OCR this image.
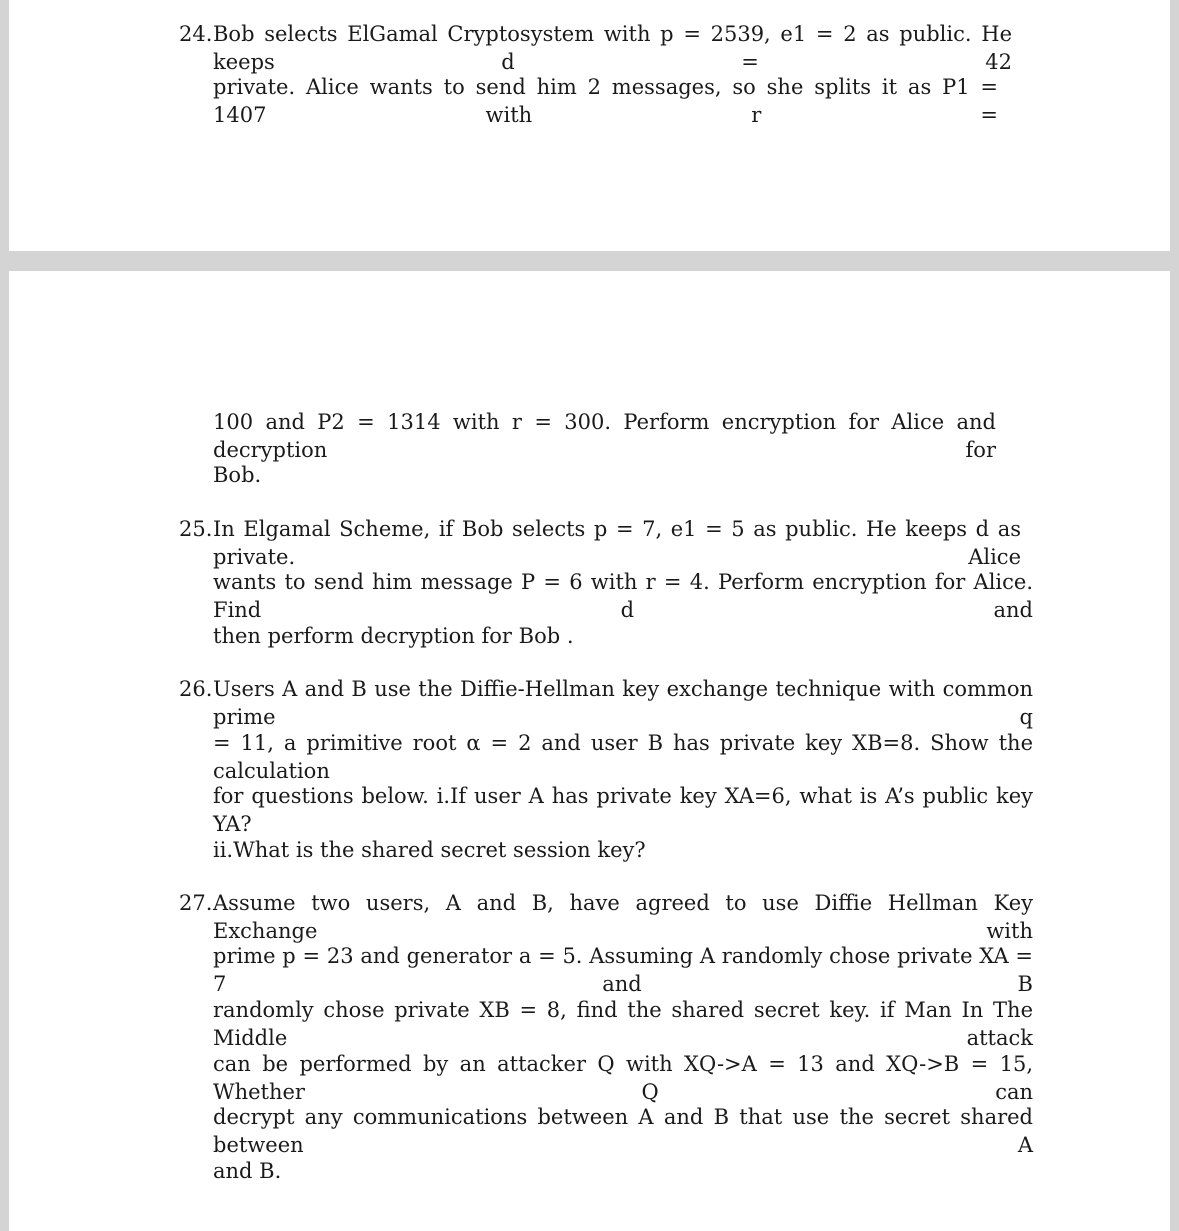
24. Bob selects ElGamal Cryptosystem with p = 2539, e1 = 2 as public. He keeps d = 42
private. Alice wants to send him 2 messages, so she splits it as P1 = 1407 with r =
100 and P2 = 1314 with r = 300. Perform encryption for Alice and decryption for
Bob.
25. In Elgamal Scheme, if Bob selects p = 7, e1 = 5 as public. He keeps d as private. Alice
wants to send him message P = 6 with r = 4. Perform encryption for Alice. Find d and
then perform decryption for Bob .
26. Users A and B use the Diffie-Hellman key exchange technique with common prime q
= 11, a primitive root α = 2 and user B has private key XB=8. Show the calculation
for questions below. i.If user A has private key XA=6, what is A’s public key YA?
ii.What is the shared secret session key?
27. Assume two users, A and B, have agreed to use Diffie Hellman Key Exchange with
prime p = 23 and generator a = 5. Assuming A randomly chose private XA = 7 and B
randomly chose private XB = 8, find the shared secret key. if Man In The Middle attack
can be performed by an attacker Q with XQ->A = 13 and XQ->B = 15, Whether Q can
decrypt any communications between A and B that use the secret shared between A
and B.
